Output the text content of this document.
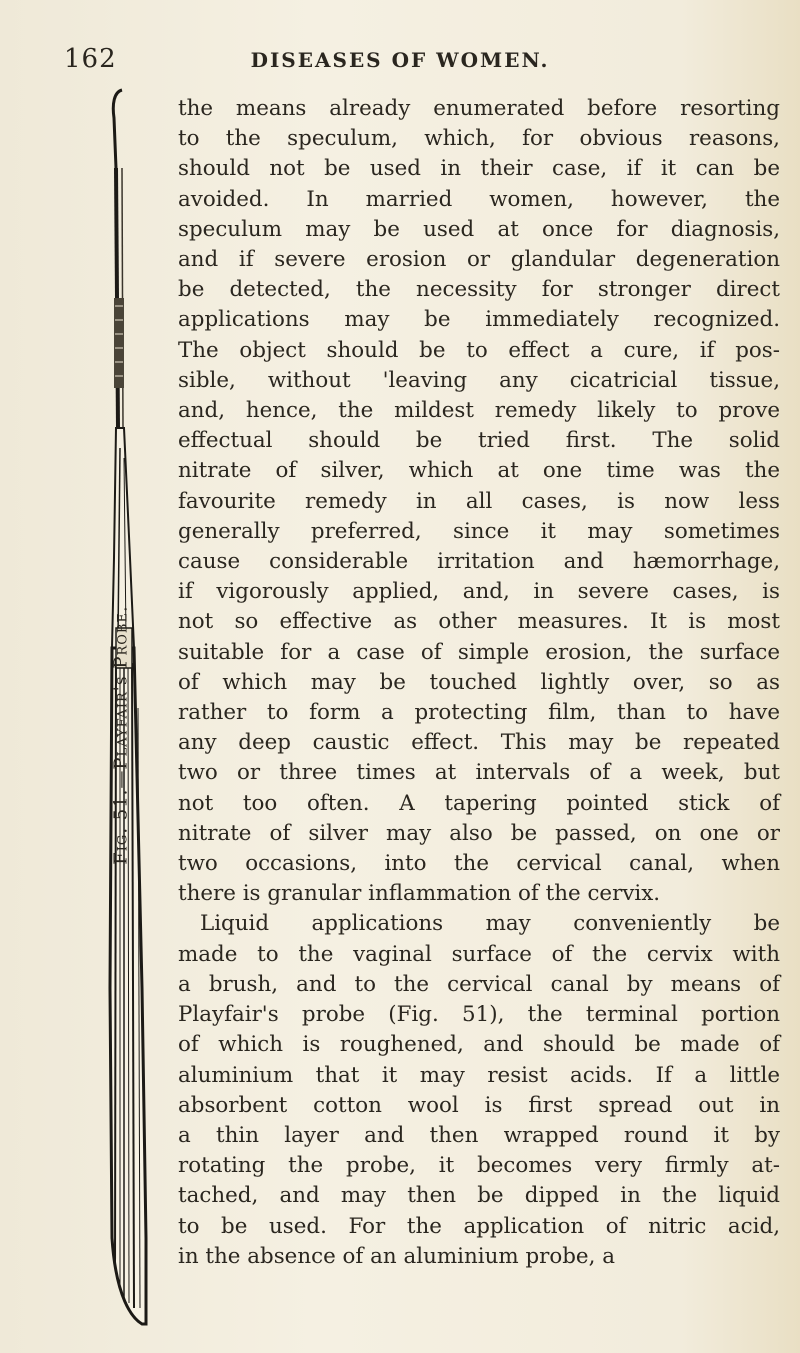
162	DISEASES OF WOMEN.
Fig. 51.—Playfair's Probe.
the means already enumerated before resorting
to the speculum, which, for obvious reasons,
should not be used in their case, if it can be
avoided. In married women, however, the
speculum may be used at once for diagnosis,
and if severe erosion or glandular degeneration
be detected, the necessity for stronger direct
applications may be immediately recognized.
The object should be to effect a cure, if pos-
sible, without 'leaving any cicatricial tissue,
and, hence, the mildest remedy likely to prove
effectual should be tried first. The solid
nitrate of silver, which at one time was the
favourite remedy in all cases, is now less
generally preferred, since it may sometimes
cause considerable irritation and hæmorrhage,
if vigorously applied, and, in severe cases, is
not so effective as other measures. It is most
suitable for a case of simple erosion, the surface
of which may be touched lightly over, so as
rather to form a protecting film, than to have
any deep caustic effect. This may be repeated
two or three times at intervals of a week, but
not too often. A tapering pointed stick of
nitrate of silver may also be passed, on one or
two occasions, into the cervical canal, when
there is granular inflammation of the cervix.
Liquid applications may conveniently be
made to the vaginal surface of the cervix with
a brush, and to the cervical canal by means of
Playfair's probe (Fig. 51), the terminal portion
of which is roughened, and should be made of
aluminium that it may resist acids. If a little
absorbent cotton wool is first spread out in
a thin layer and then wrapped round it by
rotating the probe, it becomes very firmly at-
tached, and may then be dipped in the liquid
to be used. For the application of nitric acid,
in the absence of an aluminium probe, a
